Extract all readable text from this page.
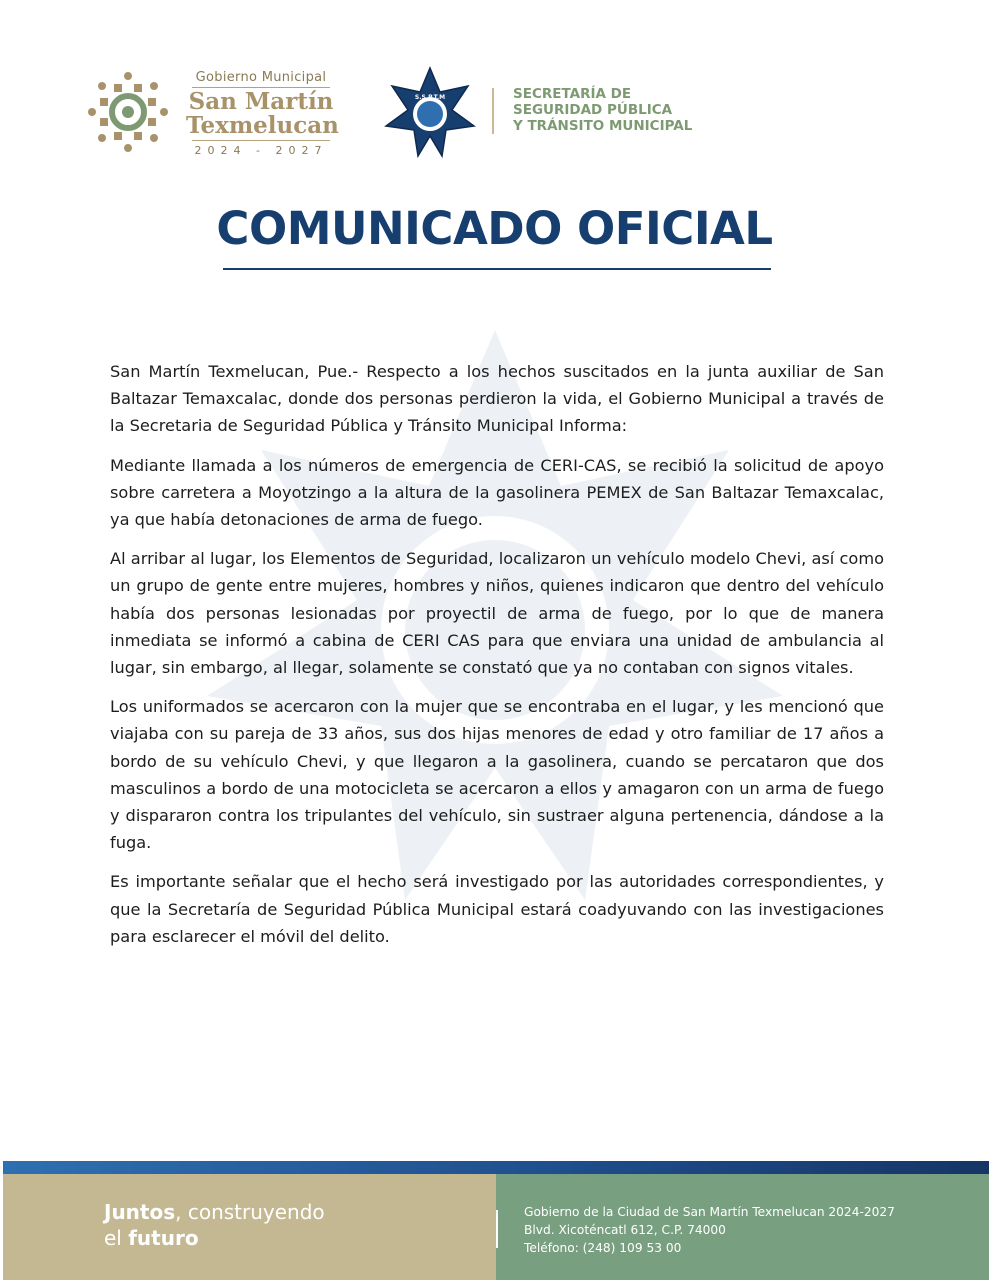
Gobierno Municipal
San Martín
Texmelucan
2024 - 2027
S.S.P.T.M	SECRETARÍA DE
SEGURIDAD PÚBLICA
Y TRÁNSITO MUNICIPAL
COMUNICADO OFICIAL

San Martín Texmelucan, Pue.- Respecto a los hechos suscitados en la junta auxiliar de San Baltazar Temaxcalac, donde dos personas perdieron la vida, el Gobierno Municipal a través de la Secretaria de Seguridad Pública y Tránsito Municipal Informa:

Mediante llamada a los números de emergencia de CERI-CAS, se recibió la solicitud de apoyo sobre carretera a Moyotzingo a la altura de la gasolinera PEMEX de San Baltazar Temaxcalac, ya que había detonaciones de arma de fuego.

Al arribar al lugar, los Elementos de Seguridad, localizaron un vehículo modelo Chevi, así como un grupo de gente entre mujeres, hombres y niños, quienes indicaron que dentro del vehículo había dos personas lesionadas por proyectil de arma de fuego, por lo que de manera inmediata se informó a cabina de CERI CAS para que enviara una unidad de ambulancia al lugar, sin embargo, al llegar, solamente se constató que ya no contaban con signos vitales.

Los uniformados se acercaron con la mujer que se encontraba en el lugar, y les mencionó que viajaba con su pareja de 33 años, sus dos hijas menores de edad y otro familiar de 17 años a bordo de su vehículo Chevi, y que llegaron a la gasolinera, cuando se percataron que dos masculinos a bordo de una motocicleta se acercaron a ellos y amagaron con un arma de fuego y dispararon contra los tripulantes del vehículo, sin sustraer alguna pertenencia, dándose a la fuga.

Es importante señalar que el hecho será investigado por las autoridades correspondientes, y que la Secretaría de Seguridad Pública Municipal estará coadyuvando con las investigaciones para esclarecer el móvil del delito.

Juntos, construyendo
el futuro
Gobierno de la Ciudad de San Martín Texmelucan 2024-2027
Blvd. Xicoténcatl 612, C.P. 74000
Teléfono: (248) 109 53 00
